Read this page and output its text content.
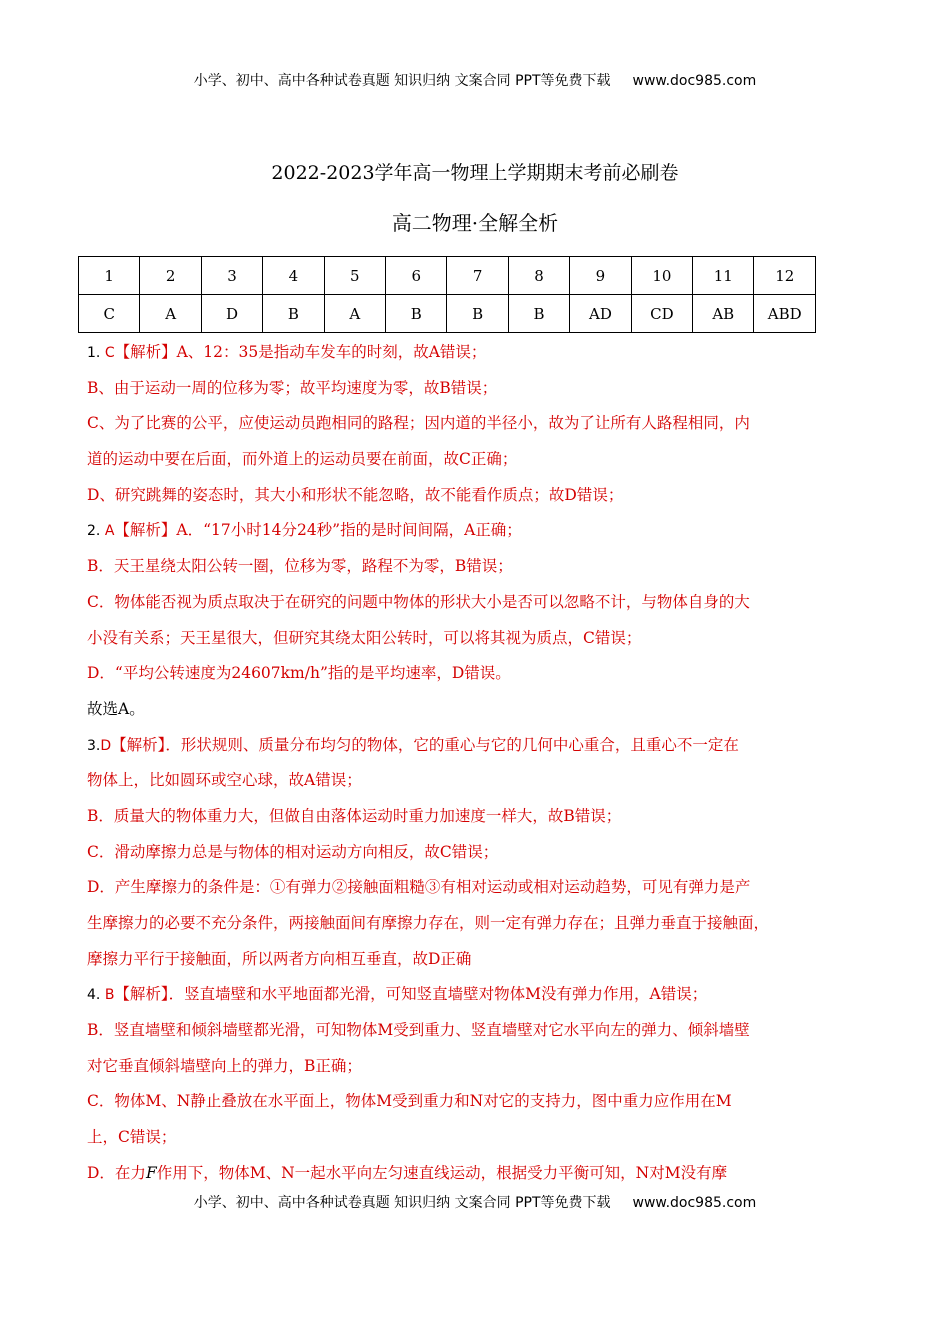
小学、初中、高中各种试卷真题 知识归纳 文案合同 PPT等免费下载 www.doc985.com
2022-2023学年高一物理上学期期末考前必刷卷
高二物理·全解全析
1	2	3	4	5	6	7	8	9	10	11	12
C	A	D	B	A	B	B	B	AD	CD	AB	ABD
1. C【解析】A、12：35是指动车发车的时刻，故A错误；
B、由于运动一周的位移为零；故平均速度为零，故B错误；
C、为了比赛的公平，应使运动员跑相同的路程；因内道的半径小，故为了让所有人路程相同，内
道的运动中要在后面，而外道上的运动员要在前面，故C正确；
D、研究跳舞的姿态时，其大小和形状不能忽略，故不能看作质点；故D错误；
2. A【解析】A．“17小时14分24秒”指的是时间间隔，A正确；
B．天王星绕太阳公转一圈，位移为零，路程不为零，B错误；
C．物体能否视为质点取决于在研究的问题中物体的形状大小是否可以忽略不计，与物体自身的大
小没有关系；天王星很大，但研究其绕太阳公转时，可以将其视为质点，C错误；
D．“平均公转速度为24607km/h”指的是平均速率，D错误。
故选A。
3.D【解析】．形状规则、质量分布均匀的物体，它的重心与它的几何中心重合，且重心不一定在
物体上，比如圆环或空心球，故A错误；
B．质量大的物体重力大，但做自由落体运动时重力加速度一样大，故B错误；
C．滑动摩擦力总是与物体的相对运动方向相反，故C错误；
D．产生摩擦力的条件是：①有弹力②接触面粗糙③有相对运动或相对运动趋势，可见有弹力是产
生摩擦力的必要不充分条件，两接触面间有摩擦力存在，则一定有弹力存在；且弹力垂直于接触面，
摩擦力平行于接触面，所以两者方向相互垂直，故D正确
4. B【解析】．竖直墙壁和水平地面都光滑，可知竖直墙壁对物体M没有弹力作用，A错误；
B．竖直墙壁和倾斜墙壁都光滑，可知物体M受到重力、竖直墙壁对它水平向左的弹力、倾斜墙壁
对它垂直倾斜墙壁向上的弹力，B正确；
C．物体M、N静止叠放在水平面上，物体M受到重力和N对它的支持力，图中重力应作用在M
上，C错误；
D．在力F作用下，物体M、N一起水平向左匀速直线运动，根据受力平衡可知，N对M没有摩
小学、初中、高中各种试卷真题 知识归纳 文案合同 PPT等免费下载 www.doc985.com
